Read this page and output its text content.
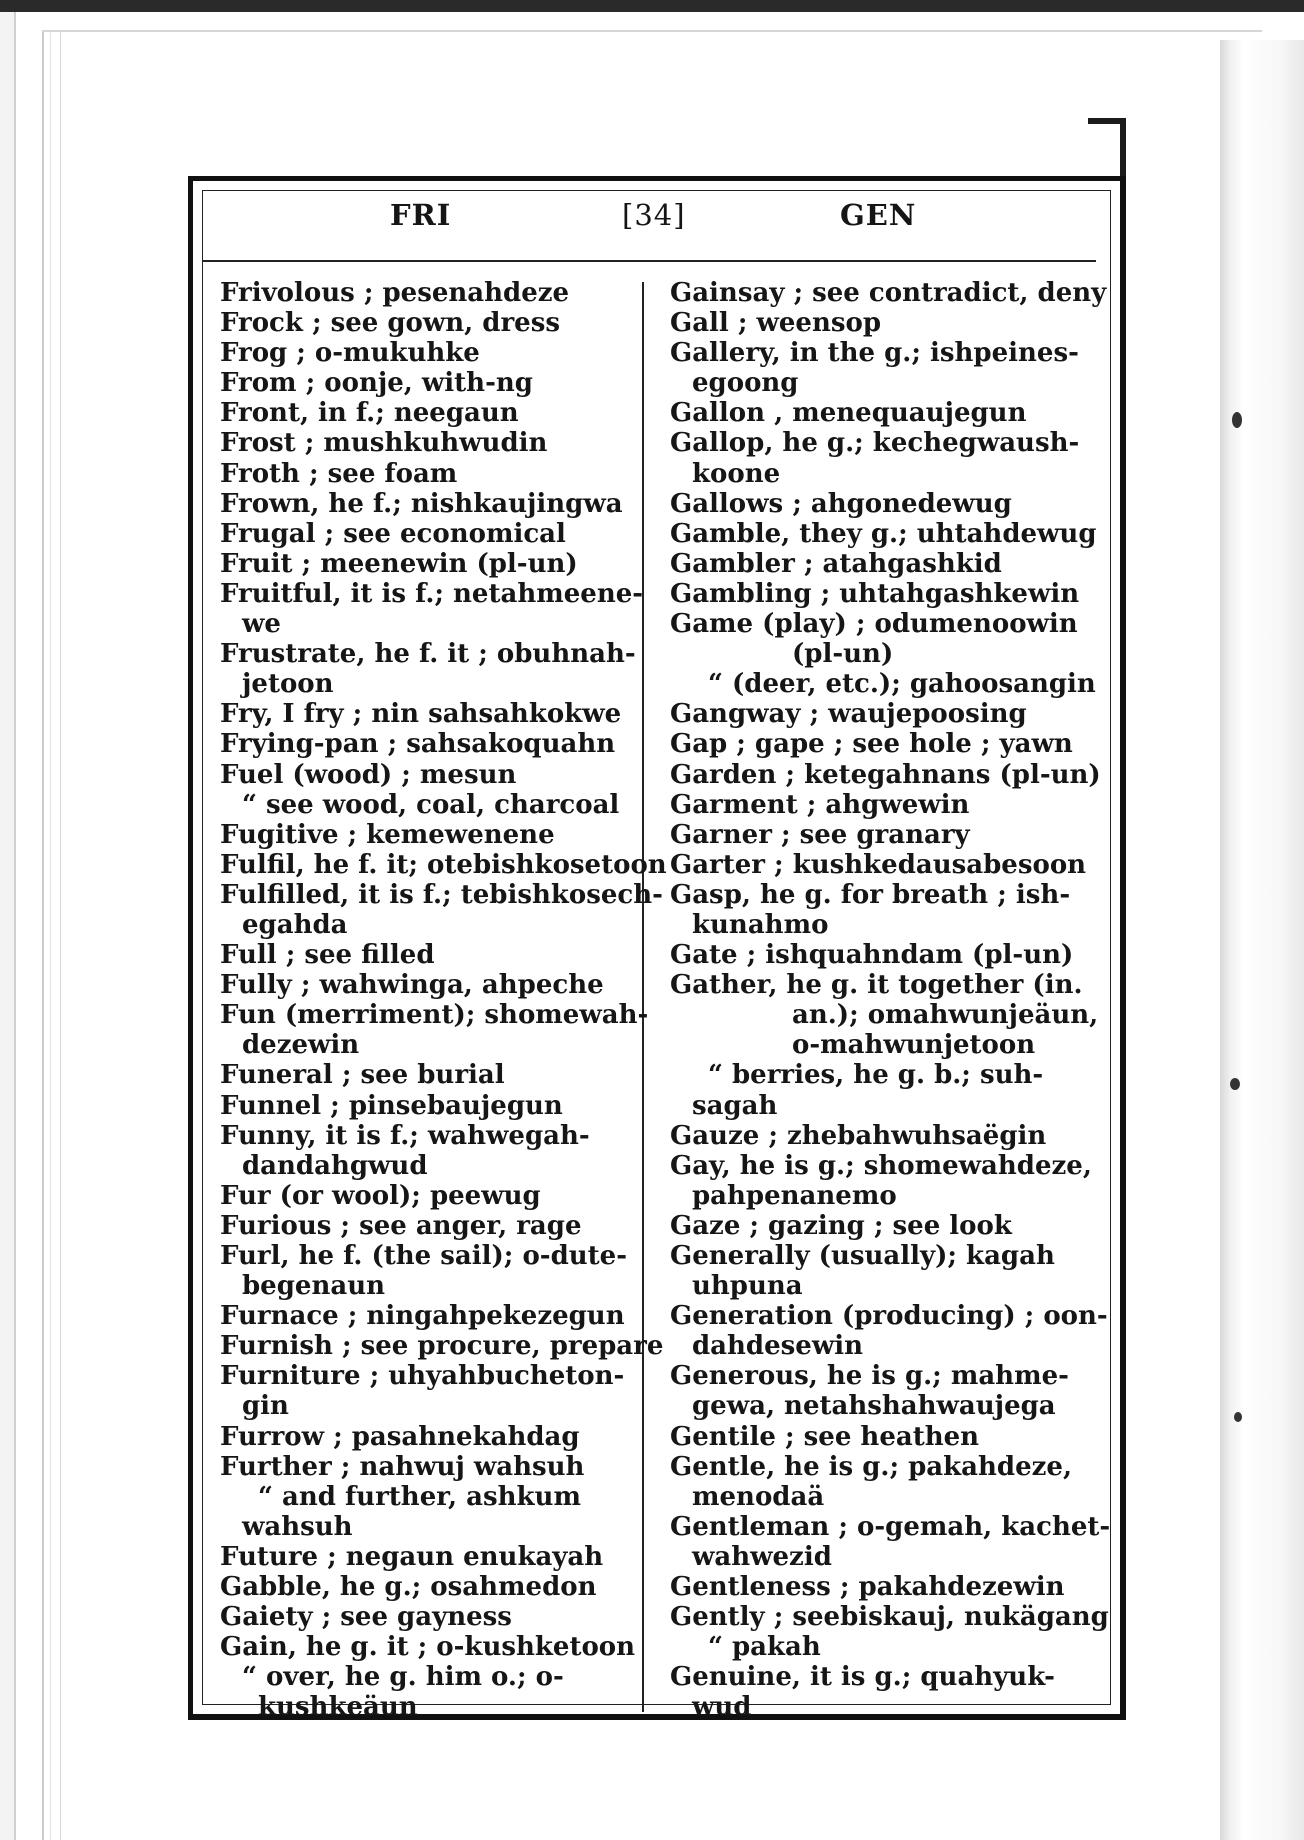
FRI	[34]	GEN
Frivolous ; pesenahdeze
Frock ; see gown, dress
Frog ; o-mukuhke
From ; oonje, with-ng
Front, in f.; neegaun
Frost ; mushkuhwudin
Froth ; see foam
Frown, he f.; nishkaujingwa
Frugal ; see economical
Fruit ; meenewin (pl-un)
Fruitful, it is f.; netahmeene-
we
Frustrate, he f. it ; obuhnah-
jetoon
Fry, I fry ; nin sahsahkokwe
Frying-pan ; sahsakoquahn
Fuel (wood) ; mesun
“ see wood, coal, charcoal
Fugitive ; kemewenene
Fulfil, he f. it; otebishkosetoon
Fulfilled, it is f.; tebishkosech-
egahda
Full ; see filled
Fully ; wahwinga, ahpeche
Fun (merriment); shomewah-
dezewin
Funeral ; see burial
Funnel ; pinsebaujegun
Funny, it is f.; wahwegah-
dandahgwud
Fur (or wool); peewug
Furious ; see anger, rage
Furl, he f. (the sail); o-dute-
begenaun
Furnace ; ningahpekezegun
Furnish ; see procure, prepare
Furniture ; uhyahbucheton-
gin
Furrow ; pasahnekahdag
Further ; nahwuj wahsuh
“ and further, ashkum
wahsuh
Future ; negaun enukayah
Gabble, he g.; osahmedon
Gaiety ; see gayness
Gain, he g. it ; o-kushketoon
“ over, he g. him o.; o-
kushkeäun
Gainsay ; see contradict, deny
Gall ; weensop
Gallery, in the g.; ishpeines-
egoong
Gallon , menequaujegun
Gallop, he g.; kechegwaush-
koone
Gallows ; ahgonedewug
Gamble, they g.; uhtahdewug
Gambler ; atahgashkid
Gambling ; uhtahgashkewin
Game (play) ; odumenoowin
(pl-un)
“ (deer, etc.); gahoosangin
Gangway ; waujepoosing
Gap ; gape ; see hole ; yawn
Garden ; ketegahnans (pl-un)
Garment ; ahgwewin
Garner ; see granary
Garter ; kushkedausabesoon
Gasp, he g. for breath ; ish-
kunahmo
Gate ; ishquahndam (pl-un)
Gather, he g. it together (in.
an.); omahwunjeäun,
o-mahwunjetoon
“ berries, he g. b.; suh-
sagah
Gauze ; zhebahwuhsaëgin
Gay, he is g.; shomewahdeze,
pahpenanemo
Gaze ; gazing ; see look
Generally (usually); kagah
uhpuna
Generation (producing) ; oon-
dahdesewin
Generous, he is g.; mahme-
gewa, netahshahwaujega
Gentile ; see heathen
Gentle, he is g.; pakahdeze,
menodaä
Gentleman ; o-gemah, kachet-
wahwezid
Gentleness ; pakahdezewin
Gently ; seebiskauj, nukägang
“ pakah
Genuine, it is g.; quahyuk-
wud
